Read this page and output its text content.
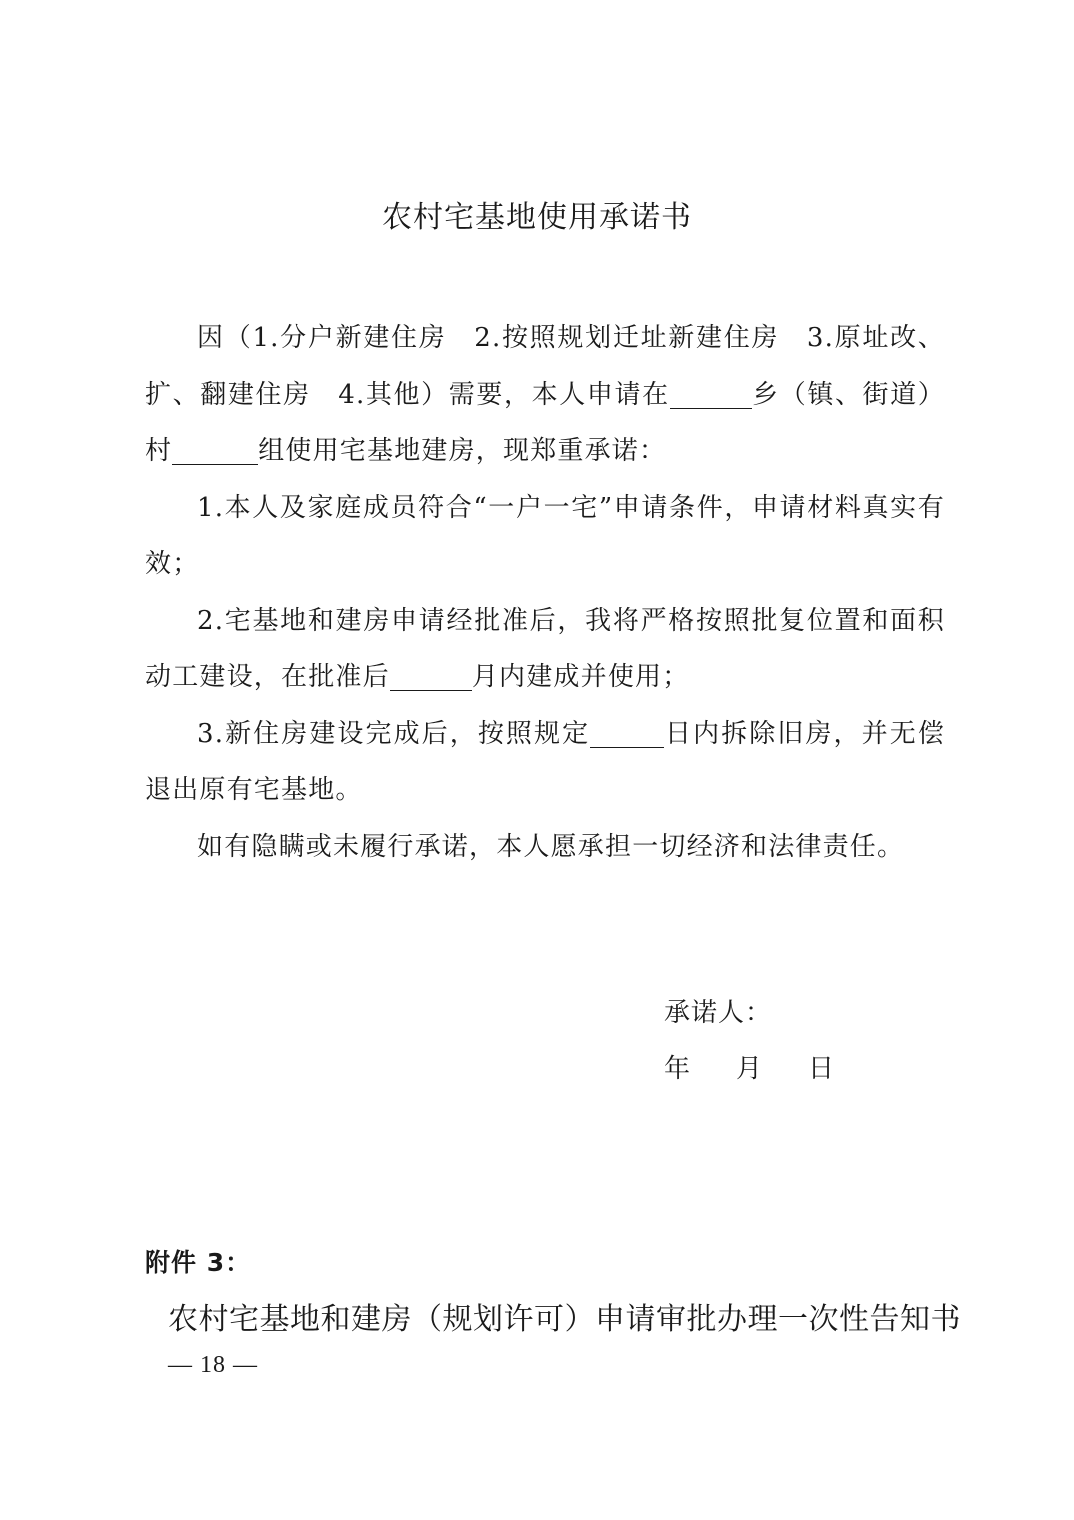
农村宅基地使用承诺书

因（1.分户新建住房　2.按照规划迁址新建住房　3.原址改、扩、翻建住房　4.其他）需要，本人申请在	乡（镇、街道）村	组使用宅基地建房，现郑重承诺：

1.本人及家庭成员符合“一户一宅”申请条件，申请材料真实有效；

2.宅基地和建房申请经批准后，我将严格按照批复位置和面积动工建设，在批准后	月内建成并使用；

3.新住房建设完成后，按照规定	日内拆除旧房，并无偿退出原有宅基地。

如有隐瞒或未履行承诺，本人愿承担一切经济和法律责任。

承诺人：
年 月 日
附件 3：
农村宅基地和建房（规划许可）申请审批办理一次性告知书
— 18 —
